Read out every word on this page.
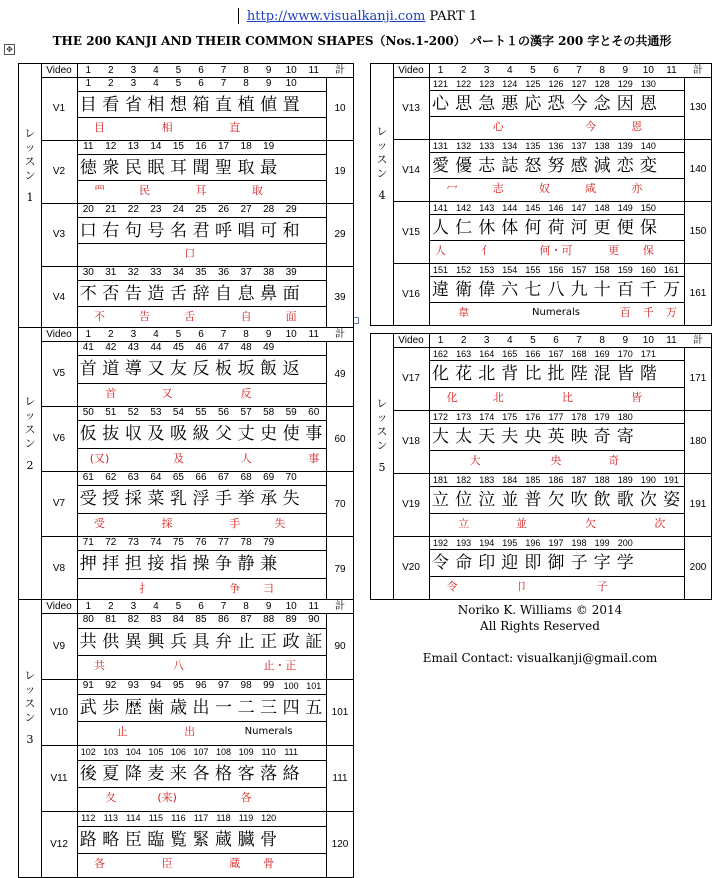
http://www.visualkanji.com PART 1
THE 200 KANJI AND THEIR COMMON SHAPES（Nos.1-200） パート１の漢字 200 字とその共通形
✥
レ
ッ
ス
ン
1
Video	1	2	3	4	5	6	7	8	9	10	11	計
V1
1	2	3	4	5	6	7	8	9	10
目 看 省 相 想 箱 直 植 値 置
目	相	直
10
V2
11	12	13	14	15	16	17	18	19
徳 衆 民 眠 耳 聞 聖 取 最
罒	民	耳	取
19
V3
20	21	22	23	24	25	26	27	28	29
口 右 句 号 名 君 呼 唱 可 和
口
29
V4
30	31	32	33	34	35	36	37	38	39
不 否 告 造 舌 辞 自 息 鼻 面
不	告	舌	自	面
39
レ
ッ
ス
ン
2
Video	1	2	3	4	5	6	7	8	9	10	11	計
V5
41	42	43	44	45	46	47	48	49
首 道 導 又 友 反 板 坂 飯 返
首	又	反
49
V6
50	51	52	53	54	55	56	57	58	59	60
仮 抜 収 及 吸 級 父 丈 史 使 事
(又)	及	人	事
60
V7
61	62	63	64	65	66	67	68	69	70
受 授 採 菜 乳 浮 手 挙 承 失
受	採	手	失
70
V8
71	72	73	74	75	76	77	78	79
押 拝 担 接 指 操 争 静 兼
扌	争	彐
79
レ
ッ
ス
ン
3
Video	1	2	3	4	5	6	7	8	9	10	11	計
V9
80	81	82	83	84	85	86	87	88	89	90
共 供 異 興 兵 具 弁 止 正 政 証
共	八	止・正
90
V10
91	92	93	94	95	96	97	98	99	100 101
武 歩 歴 歯 歳 出 一 二 三 四 五
止	出	Numerals
101
V11
102 103 104 105 106 107 108 109 110 111
後 夏 降 麦 来 各 格 客 落 絡
夂	(来)	各
111
V12
112 113 114 115 116 117 118 119 120
路 略 臣 臨 覧 緊 蔵 臓 骨
各	臣	蔵	骨
120
レ
ッ
ス
ン
4
Video	1	2	3	4	5	6	7	8	9	10	11	計
V13
121 122 123 124 125 126 127 128 129 130
心 思 急 悪 応 恐 今 念 因 恩
心	今	恩
130
V14
131 132 133 134 135 136 137 138 139 140
愛 優 志 誌 怒 努 感 減 恋 変
冖	志	奴	咸	亦
140
V15
141 142 143 144 145 146 147 148 149 150
人 仁 休 体 何 荷 河 更 便 保
人	亻	何・可	更	保
150
V16
151 152 153 154 155 156 157 158 159 160 161
違 衛 偉 六 七 八 九 十 百 千 万
韋	Numerals	百	千	万
161
レ
ッ
ス
ン
5
Video	1	2	3	4	5	6	7	8	9	10	11	計
V17
162 163 164 165 166 167 168 169 170 171
化 花 北 背 比 批 陛 混 皆 階
化	北	比	皆
171
V18
172 173 174 175 176 177 178 179 180
大 太 天 夫 央 英 映 奇 寄
大	央	奇
180
V19
181 182 183 184 185 186 187 188 189 190 191
立 位 泣 並 普 欠 吹 飲 歌 次 姿
立	並	欠	次
191
V20
192 193 194 195 196 197 198 199 200
令 命 印 迎 即 御 子 字 学
令	卩	子
200
Noriko K. Williams © 2014
All Rights Reserved
Email Contact: visualkanji@gmail.com
